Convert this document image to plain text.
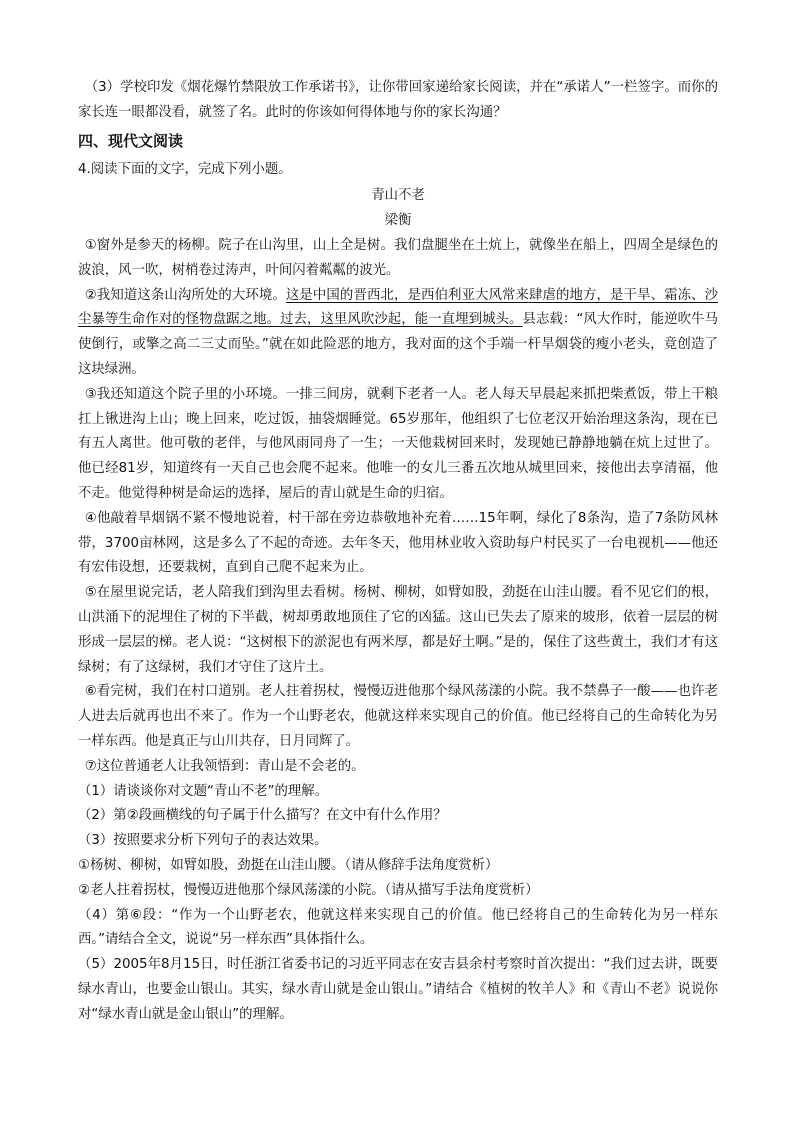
（3）学校印发《烟花爆竹禁限放工作承诺书》，让你带回家递给家长阅读，并在“承诺人”一栏签字。而你的家长连一眼都没看，就签了名。此时的你该如何得体地与你的家长沟通？

四、现代文阅读

4.阅读下面的文字，完成下列小题。

青山不老

梁衡

①窗外是参天的杨柳。院子在山沟里，山上全是树。我们盘腿坐在土炕上，就像坐在船上，四周全是绿色的波浪，风一吹，树梢卷过涛声，叶间闪着粼粼的波光。

②我知道这条山沟所处的大环境。这是中国的晋西北，是西伯利亚大风常来肆虐的地方，是干旱、霜冻、沙尘暴等生命作对的怪物盘踞之地。过去，这里风吹沙起，能一直埋到城头。县志载：“风大作时，能逆吹牛马使倒行，或擎之高二三丈而坠。”就在如此险恶的地方，我对面的这个手端一杆旱烟袋的瘦小老头，竟创造了这块绿洲。

③我还知道这个院子里的小环境。一排三间房，就剩下老者一人。老人每天早晨起来抓把柴煮饭，带上干粮扛上锹进沟上山；晚上回来，吃过饭，抽袋烟睡觉。65岁那年，他组织了七位老汉开始治理这条沟，现在已有五人离世。他可敬的老伴，与他风雨同舟了一生；一天他栽树回来时，发现她已静静地躺在炕上过世了。他已经81岁，知道终有一天自己也会爬不起来。他唯一的女儿三番五次地从城里回来，接他出去享清福，他不走。他觉得种树是命运的选择，屋后的青山就是生命的归宿。

④他敲着旱烟锅不紧不慢地说着，村干部在旁边恭敬地补充着……15年啊，绿化了8条沟，造了7条防风林带，3700亩林网，这是多么了不起的奇迹。去年冬天，他用林业收入资助每户村民买了一台电视机——他还有宏伟设想，还要栽树，直到自己爬不起来为止。

⑤在屋里说完话，老人陪我们到沟里去看树。杨树、柳树，如臂如股，劲挺在山洼山腰。看不见它们的根，山洪涌下的泥埋住了树的下半截，树却勇敢地顶住了它的凶猛。这山已失去了原来的坡形，依着一层层的树形成一层层的梯。老人说：“这树根下的淤泥也有两米厚，都是好土啊。”是的，保住了这些黄土，我们才有这绿树；有了这绿树，我们才守住了这片土。

⑥看完树，我们在村口道别。老人拄着拐杖，慢慢迈进他那个绿风荡漾的小院。我不禁鼻子一酸——也许老人进去后就再也出不来了。作为一个山野老农，他就这样来实现自己的价值。他已经将自己的生命转化为另一样东西。他是真正与山川共存，日月同辉了。

⑦这位普通老人让我领悟到：青山是不会老的。

（1）请谈谈你对文题“青山不老”的理解。

（2）第②段画横线的句子属于什么描写？在文中有什么作用？

（3）按照要求分析下列句子的表达效果。

①杨树、柳树，如臂如股，劲挺在山洼山腰。（请从修辞手法角度赏析）

②老人拄着拐杖，慢慢迈进他那个绿风荡漾的小院。（请从描写手法角度赏析）

（4）第⑥段：“作为一个山野老农，他就这样来实现自己的价值。他已经将自己的生命转化为另一样东西。”请结合全文，说说“另一样东西”具体指什么。

（5）2005年8月15日，时任浙江省委书记的习近平同志在安吉县余村考察时首次提出：“我们过去讲，既要绿水青山，也要金山银山。其实，绿水青山就是金山银山。”请结合《植树的牧羊人》和《青山不老》说说你对“绿水青山就是金山银山”的理解。
